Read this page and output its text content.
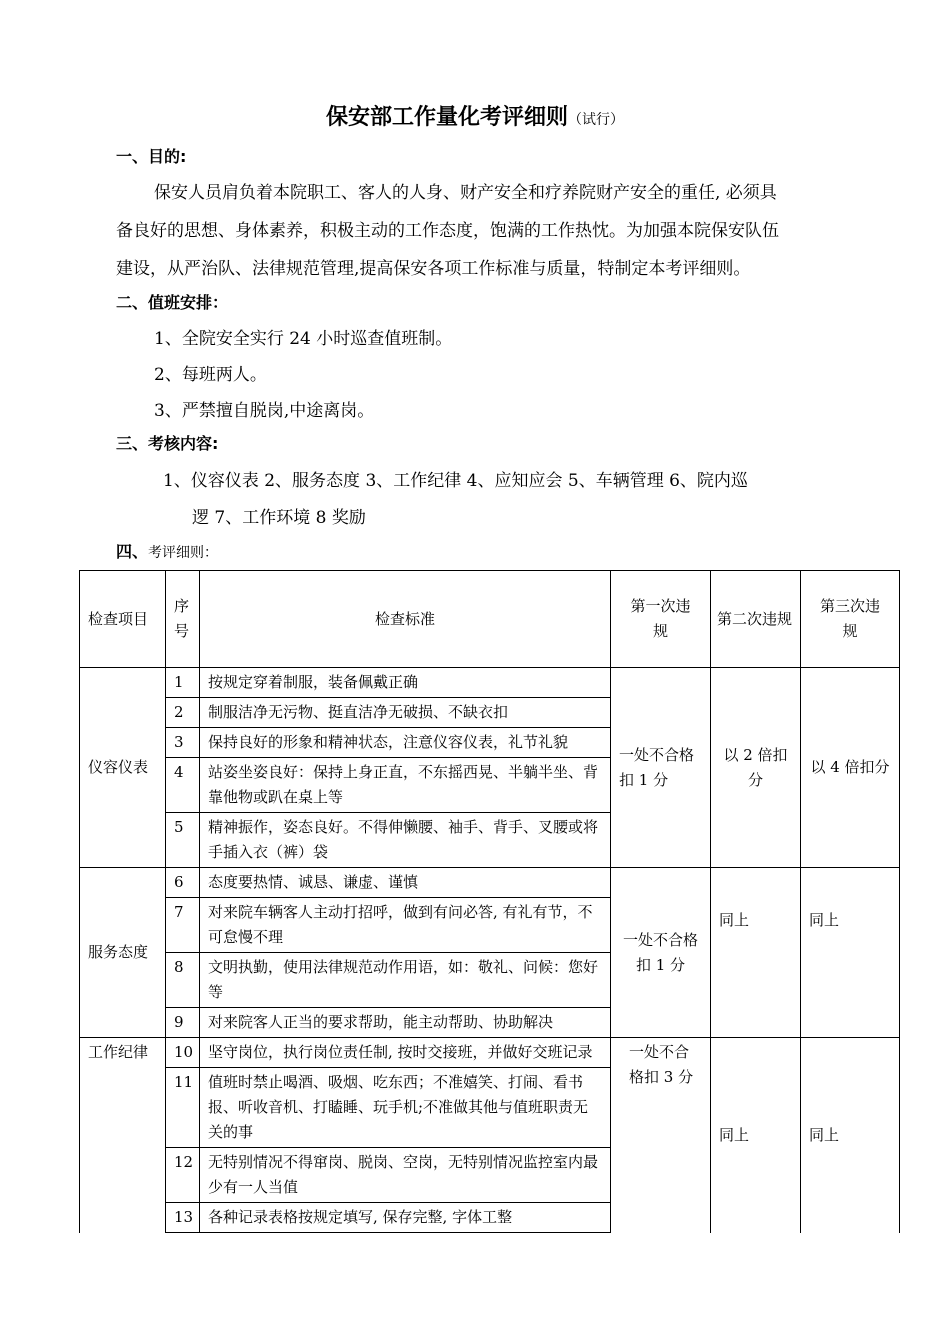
保安部工作量化考评细则（试行）
一、目的:
保安人员肩负着本院职工、客人的人身、财产安全和疗养院财产安全的重任, 必须具
备良好的思想、身体素养，积极主动的工作态度，饱满的工作热忱。为加强本院保安队伍
建设，从严治队、法律规范管理,提高保安各项工作标准与质量，特制定本考评细则。
二、值班安排：
1、全院安全实行 24 小时巡查值班制。
2、每班两人。
3、严禁擅自脱岗,中途离岗。
三、考核内容:
1、仪容仪表 2、服务态度 3、工作纪律 4、应知应会 5、车辆管理 6、院内巡
逻 7、工作环境 8 奖励
四、考评细则：
检查项目	序号	检查标准	第一次违规	第二次违规	第三次违规
仪容仪表	1	按规定穿着制服，装备佩戴正确	一处不合格扣 1 分	以 2 倍扣分	以 4 倍扣分
	2	制服洁净无污物、挺直洁净无破损、不缺衣扣			
	3	保持良好的形象和精神状态，注意仪容仪表，礼节礼貌			
	4	站姿坐姿良好：保持上身正直，不东摇西晃、半躺半坐、背靠他物或趴在桌上等			
	5	精神振作，姿态良好。不得伸懒腰、袖手、背手、叉腰或将手插入衣（裤）袋			
服务态度	6	态度要热情、诚恳、谦虚、谨慎	一处不合格扣 1 分	同上	同上
	7	对来院车辆客人主动打招呼，做到有问必答, 有礼有节，不可怠慢不理			
	8	文明执勤，使用法律规范动作用语，如：敬礼、问候：您好等			
	9	对来院客人正当的要求帮助，能主动帮助、协助解决			
工作纪律	10	坚守岗位，执行岗位责任制, 按时交接班，并做好交班记录	一处不合格扣 3 分	同上	同上
	11	值班时禁止喝酒、吸烟、吃东西；不准嬉笑、打闹、看书报、听收音机、打瞌睡、玩手机;不准做其他与值班职责无关的事			
	12	无特别情况不得窜岗、脱岗、空岗，无特别情况监控室内最少有一人当值			
	13	各种记录表格按规定填写, 保存完整, 字体工整			
